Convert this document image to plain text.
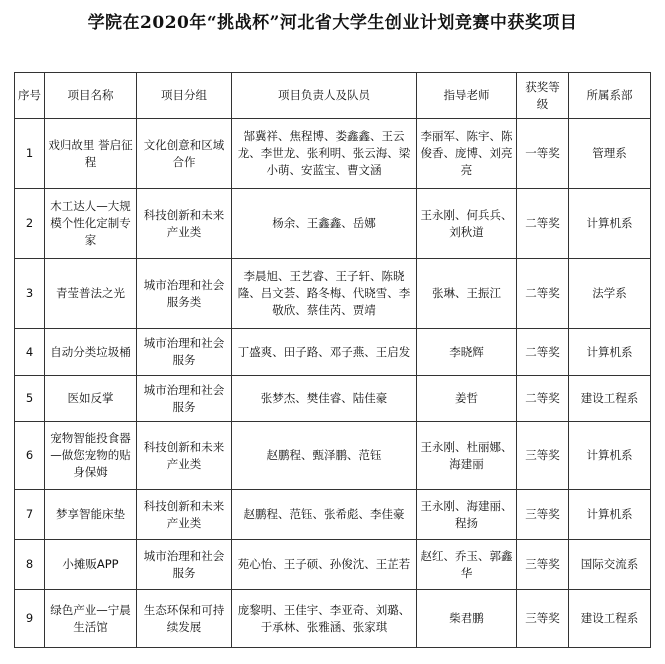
学院在2020年“挑战杯”河北省大学生创业计划竞赛中获奖项目
序号	项目名称	项目分组	项目负责人及队员	指导老师	获奖等级	所属系部
1	戏归故里 誉启征程	文化创意和区域合作	郜冀祥、焦程博、娄鑫鑫、王云龙、李世龙、张利明、张云海、梁小萌、安蓝宝、曹文涵	李丽军、陈宇、陈俊香、庞博、刘亮亮	一等奖	管理系
2	木工达人—大规模个性化定制专家	科技创新和未来产业类	杨余、王鑫鑫、岳娜	王永刚、何兵兵、刘秋道	二等奖	计算机系
3	青莹普法之光	城市治理和社会服务类	李晨旭、王艺睿、王子轩、陈晓隆、吕文荟、路冬梅、代晓雪、李敬欣、蔡佳芮、贾靖	张琳、王振江	二等奖	法学系
4	自动分类垃圾桶	城市治理和社会服务	丁盛爽、田子路、邓子燕、王启发	李晓辉	二等奖	计算机系
5	医如反掌	城市治理和社会服务	张梦杰、樊佳睿、陆佳豪	姜哲	二等奖	建设工程系
6	宠物智能投食器—做您宠物的贴身保姆	科技创新和未来产业类	赵鹏程、甄泽鹏、范钰	王永刚、杜丽娜、海建丽	三等奖	计算机系
7	梦享智能床垫	科技创新和未来产业类	赵鹏程、范钰、张希彪、李佳豪	王永刚、海建丽、程扬	三等奖	计算机系
8	小摊贩APP	城市治理和社会服务	苑心怡、王子硕、孙俊沈、王芷若	赵红、乔玉、郭鑫华	三等奖	国际交流系
9	绿色产业—宁晨生活馆	生态环保和可持续发展	庞黎明、王佳宇、李亚奇、刘璐、于承林、张雅涵、张家琪	柴君鹏	三等奖	建设工程系
